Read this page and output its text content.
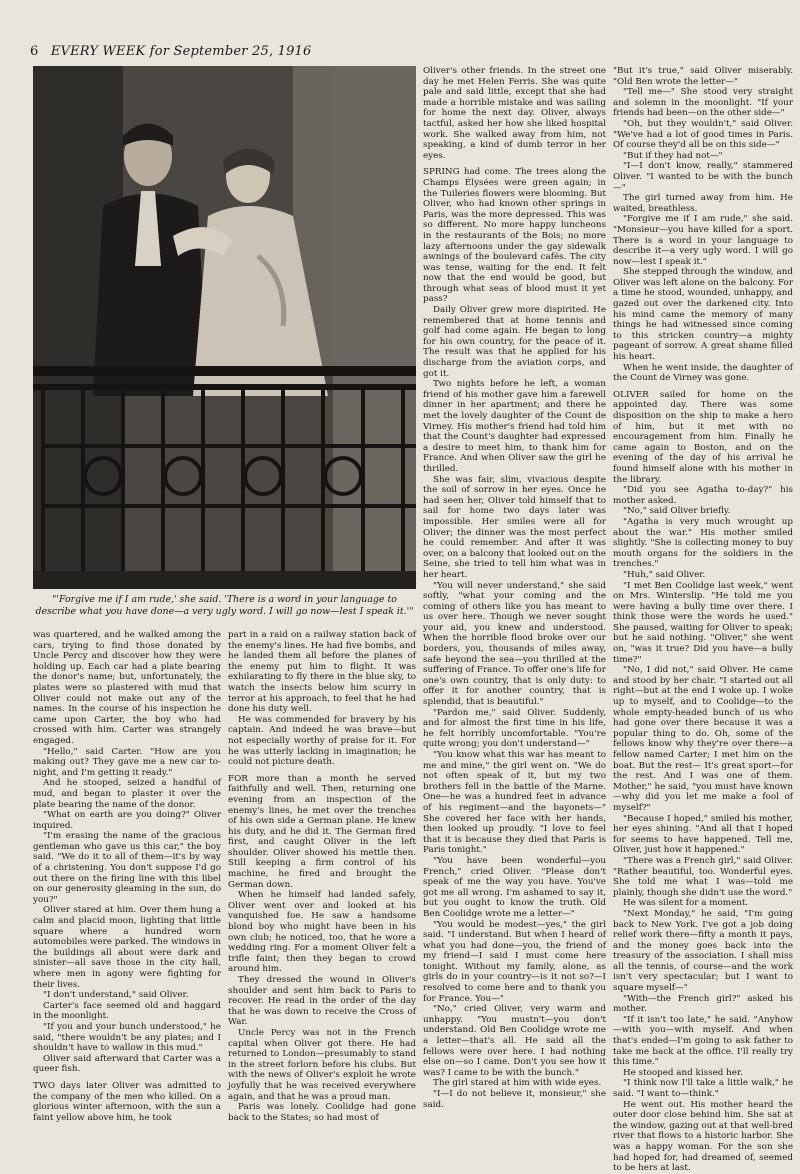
6 EVERY WEEK for September 25, 1916
"'Forgive me if I am rude,' she said. 'There is a word in your language to describe what you have done—a very ugly word. I will go now—lest I speak it.'"

was quartered, and he walked among the cars, trying to find those donated by Uncle Percy and discover how they were holding up. Each car had a plate bearing the donor's name; but, unfortunately, the plates were so plastered with mud that Oliver could not make out any of the names. In the course of his inspection he came upon Carter, the boy who had crossed with him. Carter was strangely engaged.

"Hello," said Carter. "How are you making out? They gave me a new car to-night, and I'm getting it ready."

And he stooped, seized a handful of mud, and began to plaster it over the plate bearing the name of the donor.

"What on earth are you doing?" Oliver inquired.

"I'm erasing the name of the gracious gentleman who gave us this car," the boy said. "We do it to all of them—it's by way of a christening. You don't suppose I'd go out there on the firing line with this libel on our generosity gleaming in the sun, do you?"

Oliver stared at him. Over them hung a calm and placid moon, lighting that little square where a hundred worn automobiles were parked. The windows in the buildings all about were dark and sinister—all save those in the city hall, where men in agony were fighting for their lives.

"I don't understand," said Oliver.

Carter's face seemed old and haggard in the moonlight.

"If you and your bunch understood," he said, "there wouldn't be any plates; and I shouldn't have to wallow in this mud."

Oliver said afterward that Carter was a queer fish.

TWO days later Oliver was admitted to the company of the men who killed. On a glorious winter afternoon, with the sun a faint yellow above him, he took

part in a raid on a railway station back of the enemy's lines. He had five bombs, and he landed them all before the planes of the enemy put him to flight. It was exhilarating to fly there in the blue sky, to watch the insects below him scurry in terror at his approach, to feel that he had done his duty well.

He was commended for bravery by his captain. And indeed he was brave—but not especially worthy of praise for it. For he was utterly lacking in imagination; he could not picture death.

FOR more than a month he served faithfully and well. Then, returning one evening from an inspection of the enemy's lines, he met over the trenches of his own side a German plane. He knew his duty, and he did it. The German fired first, and caught Oliver in the left shoulder. Oliver showed his mettle then. Still keeping a firm control of his machine, he fired and brought the German down.

When he himself had landed safely, Oliver went over and looked at his vanquished foe. He saw a handsome blond boy who might have been in his own club; he noticed, too, that he wore a wedding ring. For a moment Oliver felt a trifle faint; then they began to crowd around him.

They dressed the wound in Oliver's shoulder and sent him back to Paris to recover. He read in the order of the day that he was down to receive the Cross of War.

Uncle Percy was not in the French capital when Oliver got there. He had returned to London—presumably to stand in the street forlorn before his clubs. But with the news of Oliver's exploit he wrote joyfully that he was received everywhere again, and that he was a proud man.

Paris was lonely. Coolidge had gone back to the States; so had most of

Oliver's other friends. In the street one day he met Helen Ferris. She was quite pale and said little, except that she had made a horrible mistake and was sailing for home the next day. Oliver, always tactful, asked her how she liked hospital work. She walked away from him, not speaking, a kind of dumb terror in her eyes.

SPRING had come. The trees along the Champs Élysées were green again; in the Tuileries flowers were blooming. But Oliver, who had known other springs in Paris, was the more depressed. This was so different. No more happy luncheons in the restaurants of the Bois; no more lazy afternoons under the gay sidewalk awnings of the boulevard cafés. The city was tense, waiting for the end. It felt now that the end would be good, but through what seas of blood must it yet pass?

Daily Oliver grew more dispirited. He remembered that at home tennis and golf had come again. He began to long for his own country, for the peace of it. The result was that he applied for his discharge from the aviation corps, and got it.

Two nights before he left, a woman friend of his mother gave him a farewell dinner in her apartment; and there he met the lovely daughter of the Count de Virney. His mother's friend had told him that the Count's daughter had expressed a desire to meet him, to thank him for France. And when Oliver saw the girl he thrilled.

She was fair, slim, vivacious despite the soil of sorrow in her eyes. Once he had seen her, Oliver told himself that to sail for home two days later was impossible. Her smiles were all for Oliver; the dinner was the most perfect he could remember. And after it was over, on a balcony that looked out on the Seine, she tried to tell him what was in her heart.

"You will never understand," she said softly, "what your coming and the coming of others like you has meant to us over here. Though we never sought your aid, you knew and understood. When the horrible flood broke over our borders, you, thousands of miles away, safe beyond the sea—you thrilled at the suffering of France. To offer one's life for one's own country, that is only duty: to offer it for another country, that is splendid, that is beautiful."

"Pardon me," said Oliver. Suddenly, and for almost the first time in his life, he felt horribly uncomfortable. "You're quite wrong; you don't understand—"

"You know what this war has meant to me and mine," the girl went on. "We do not often speak of it, but my two brothers fell in the battle of the Marne. One—he was a hundred feet in advance of his regiment—and the bayonets—" She covered her face with her hands, then looked up proudly. "I love to feel that it is because they died that Paris is Paris tonight."

"You have been wonderful—you French," cried Oliver. "Please don't speak of me the way you have. You've got me all wrong. I'm ashamed to say it, but you ought to know the truth. Old Ben Coolidge wrote me a letter—"

"You would be modest—yes," the girl said. "I understand. But when I heard of what you had done—you, the friend of my friend—I said I must come here tonight. Without my family, alone, as girls do in your country—is it not so?—I resolved to come here and to thank you for France. You—"

"No," cried Oliver, very warm and unhappy. "You mustn't—you don't understand. Old Ben Coolidge wrote me a letter—that's all. He said all the fellows were over here. I had nothing else on—so I came. Don't you see how it was? I came to be with the bunch."

The girl stared at him with wide eyes.

"I—I do not believe it, monsieur," she said.

"But it's true," said Oliver miserably. "Old Ben wrote the letter—"

"Tell me—" She stood very straight and solemn in the moonlight. "If your friends had been—on the other side—"

"Oh, but they wouldn't," said Oliver. "We've had a lot of good times in Paris. Of course they'd all be on this side—"

"But if they had not—"

"I—I don't know, really," stammered Oliver. "I wanted to be with the bunch—"

The girl turned away from him. He waited, breathless.

"Forgive me if I am rude," she said. "Monsieur—you have killed for a sport. There is a word in your language to describe it—a very ugly word. I will go now—lest I speak it."

She stepped through the window, and Oliver was left alone on the balcony. For a time he stood, wounded, unhappy, and gazed out over the darkened city. Into his mind came the memory of many things he had witnessed since coming to this stricken country—a mighty pageant of sorrow. A great shame filled his heart.

When he went inside, the daughter of the Count de Virney was gone.

OLIVER sailed for home on the appointed day. There was some disposition on the ship to make a hero of him, but it met with no encouragement from him. Finally he came again to Boston, and on the evening of the day of his arrival he found himself alone with his mother in the library.

"Did you see Agatha to-day?" his mother asked.

"No," said Oliver briefly.

"Agatha is very much wrought up about the war." His mother smiled slightly. "She is collecting money to buy mouth organs for the soldiers in the trenches."

"Huh," said Oliver.

"I met Ben Coolidge last week," went on Mrs. Winterslip. "He told me you were having a bully time over there. I think those were the words he used." She paused, waiting for Oliver to speak; but he said nothing. "Oliver," she went on, "was it true? Did you have—a bully time?"

"No, I did not," said Oliver. He came and stood by her chair. "I started out all right—but at the end I woke up. I woke up to myself, and to Coolidge—to the whole empty-headed bunch of us who had gone over there because it was a popular thing to do. Oh, some of the fellows know why they're over there—a fellow named Carter; I met him on the boat. But the rest— It's great sport—for the rest. And I was one of them. Mother," he said, "you must have known—why did you let me make a fool of myself?"

"Because I hoped," smiled his mother, her eyes shining. "And all that I hoped for seems to have happened. Tell me, Oliver, just how it happened."

"There was a French girl," said Oliver. "Rather beautiful, too. Wonderful eyes. She told me what I was—told me plainly, though she didn't use the word."

He was silent for a moment.

"Next Monday," he said, "I'm going back to New York. I've got a job doing relief work there—fifty a month it pays, and the money goes back into the treasury of the association. I shall miss all the tennis, of course—and the work isn't very spectacular; but I want to square myself—"

"With—the French girl?" asked his mother.

"If it isn't too late," he said. "Anyhow—with you—with myself. And when that's ended—I'm going to ask father to take me back at the office. I'll really try this time."

He stooped and kissed her.

"I think now I'll take a little walk," he said. "I want to—think."

He went out. His mother heard the outer door close behind him. She sat at the window, gazing out at that well-bred river that flows to a historic harbor. She was a happy woman. For the son she had hoped for, had dreamed of, seemed to be hers at last.
